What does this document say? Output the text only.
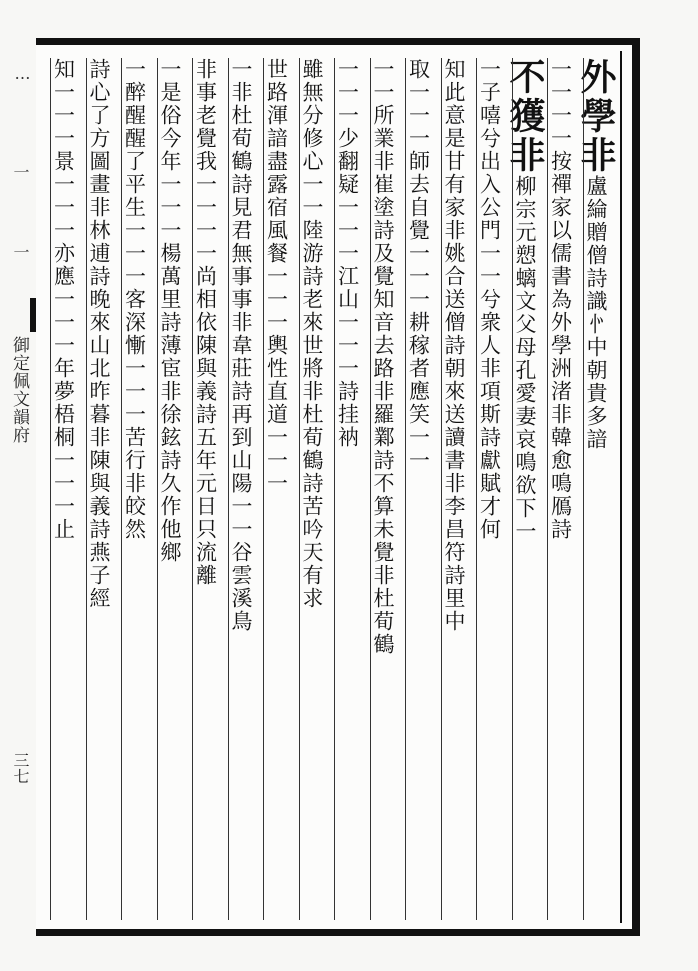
…
一
一
御定佩文韻府
三七
外學非盧綸贈僧詩識㣺中朝貴多諳
一一一一按禪家以儒書為外學洲渚非韓愈鳴鴈詩
不獲非柳宗元愬螭文父母孔愛妻哀鳴欲下一
一子嘻兮出入公門一一兮衆人非項斯詩獻賦才何
知此意是甘有家非姚合送僧詩朝來送讀書非李昌符詩里中
取一一一師去自覺一一一耕稼者應笑一一
一一所業非崔塗詩及覺知音去路非羅鄴詩不算未覺非杜荀鶴
一一一少翻疑一一一江山一一一詩挂衲
雖無分修心一一陸游詩老來世將非杜荀鶴詩苦吟天有求
世路渾諳盡露宿風餐一一一輿性直道一一一
一非杜荀鶴詩見君無事事非韋莊詩再到山陽一一谷雲溪鳥
非事老覺我一一一一尚相依陳與義詩五年元日只流離
一是俗今年一一一楊萬里詩薄宦非徐鉉詩久作他鄉
一醉醒醒了平生一一一客深慚一一一苦行非皎然
詩心了方圖畫非林逋詩晚來山北昨暮非陳與義詩燕子經
知一一一景一一一亦應一一一年夢梧桐一一一止
